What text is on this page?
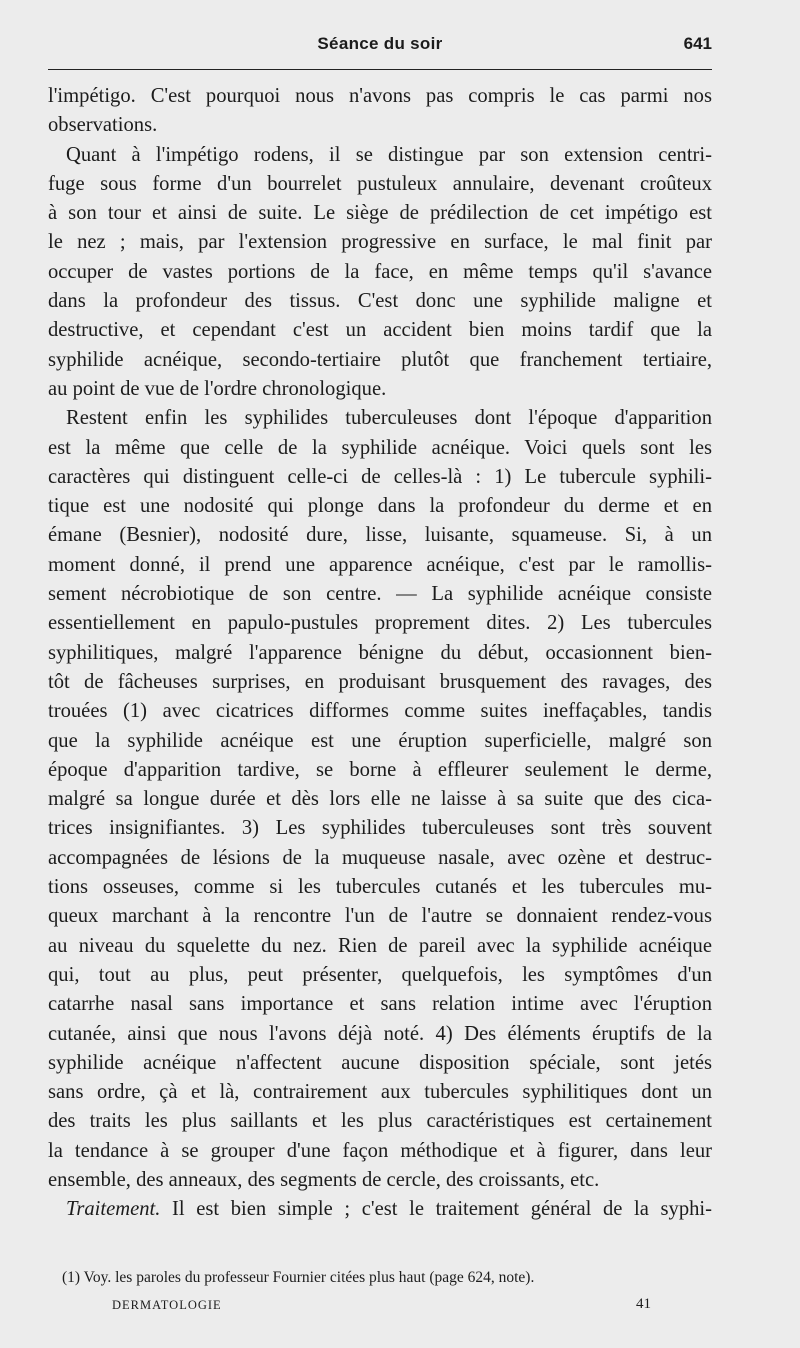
Séance du soir	641
l'impétigo. C'est pourquoi nous n'avons pas compris le cas parmi nos
observations.
Quant à l'impétigo rodens, il se distingue par son extension centri-
fuge sous forme d'un bourrelet pustuleux annulaire, devenant croûteux
à son tour et ainsi de suite. Le siège de prédilection de cet impétigo est
le nez ; mais, par l'extension progressive en surface, le mal finit par
occuper de vastes portions de la face, en même temps qu'il s'avance
dans la profondeur des tissus. C'est donc une syphilide maligne et
destructive, et cependant c'est un accident bien moins tardif que la
syphilide acnéique, secondo-tertiaire plutôt que franchement tertiaire,
au point de vue de l'ordre chronologique.
Restent enfin les syphilides tuberculeuses dont l'époque d'apparition
est la même que celle de la syphilide acnéique. Voici quels sont les
caractères qui distinguent celle-ci de celles-là : 1) Le tubercule syphili-
tique est une nodosité qui plonge dans la profondeur du derme et en
émane (Besnier), nodosité dure, lisse, luisante, squameuse. Si, à un
moment donné, il prend une apparence acnéique, c'est par le ramollis-
sement nécrobiotique de son centre. — La syphilide acnéique consiste
essentiellement en papulo-pustules proprement dites. 2) Les tubercules
syphilitiques, malgré l'apparence bénigne du début, occasionnent bien-
tôt de fâcheuses surprises, en produisant brusquement des ravages, des
trouées (1) avec cicatrices difformes comme suites ineffaçables, tandis
que la syphilide acnéique est une éruption superficielle, malgré son
époque d'apparition tardive, se borne à effleurer seulement le derme,
malgré sa longue durée et dès lors elle ne laisse à sa suite que des cica-
trices insignifiantes. 3) Les syphilides tuberculeuses sont très souvent
accompagnées de lésions de la muqueuse nasale, avec ozène et destruc-
tions osseuses, comme si les tubercules cutanés et les tubercules mu-
queux marchant à la rencontre l'un de l'autre se donnaient rendez-vous
au niveau du squelette du nez. Rien de pareil avec la syphilide acnéique
qui, tout au plus, peut présenter, quelquefois, les symptômes d'un
catarrhe nasal sans importance et sans relation intime avec l'éruption
cutanée, ainsi que nous l'avons déjà noté. 4) Des éléments éruptifs de la
syphilide acnéique n'affectent aucune disposition spéciale, sont jetés
sans ordre, çà et là, contrairement aux tubercules syphilitiques dont un
des traits les plus saillants et les plus caractéristiques est certainement
la tendance à se grouper d'une façon méthodique et à figurer, dans leur
ensemble, des anneaux, des segments de cercle, des croissants, etc.
Traitement. Il est bien simple ; c'est le traitement général de la syphi-
(1) Voy. les paroles du professeur Fournier citées plus haut (page 624, note).
DERMATOLOGIE	41
